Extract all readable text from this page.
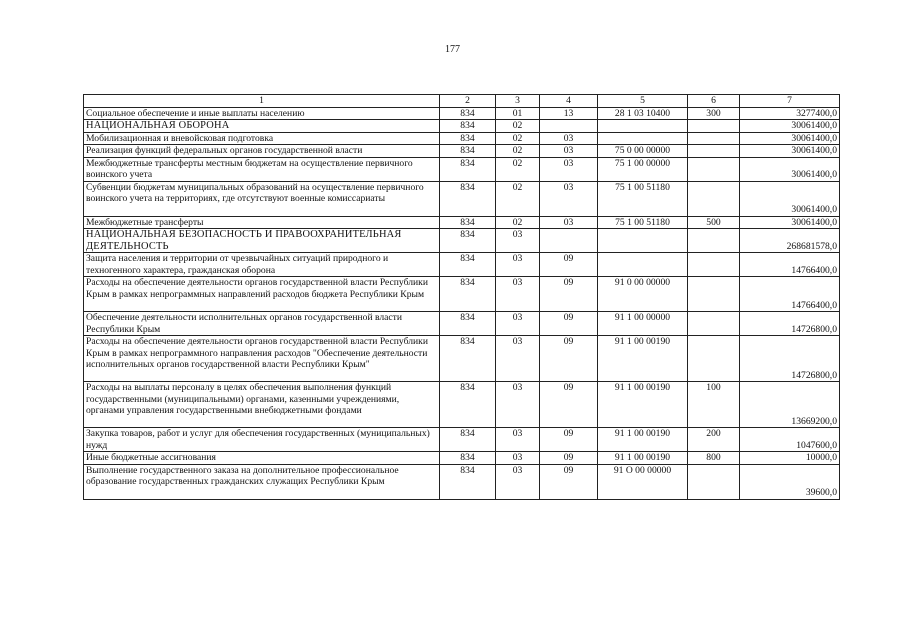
177
1	2	3	4	5	6	7
Социальное обеспечение и иные выплаты населению	834	01	13	28 1 03 10400	300	3277400,0
НАЦИОНАЛЬНАЯ ОБОРОНА	834	02				30061400,0
Мобилизационная и вневойсковая подготовка	834	02	03			30061400,0
Реализация функций федеральных органов государственной власти	834	02	03	75 0 00 00000		30061400,0
Межбюджетные трансферты местным бюджетам на осуществление первичного воинского учета	834	02	03	75 1 00 00000		30061400,0
Субвенции бюджетам муниципальных образований на осуществление первичного воинского учета на территориях, где отсутствуют военные комиссариаты	834	02	03	75 1 00 51180		30061400,0
Межбюджетные трансферты	834	02	03	75 1 00 51180	500	30061400,0
НАЦИОНАЛЬНАЯ БЕЗОПАСНОСТЬ И ПРАВООХРАНИТЕЛЬНАЯ ДЕЯТЕЛЬНОСТЬ	834	03				268681578,0
Защита населения и территории от чрезвычайных ситуаций природного и техногенного характера, гражданская оборона	834	03	09			14766400,0
Расходы на обеспечение деятельности органов государственной власти Республики Крым в рамках непрограммных направлений расходов бюджета Республики Крым	834	03	09	91 0 00 00000		14766400,0
Обеспечение деятельности исполнительных органов государственной власти Республики Крым	834	03	09	91 1 00 00000		14726800,0
Расходы на обеспечение деятельности органов государственной власти Республики Крым в рамках непрограммного направления расходов "Обеспечение деятельности исполнительных органов государственной власти Республики Крым"	834	03	09	91 1 00 00190		14726800,0
Расходы на выплаты персоналу в целях обеспечения выполнения функций государственными (муниципальными) органами, казенными учреждениями, органами управления государственными внебюджетными фондами	834	03	09	91 1 00 00190	100	13669200,0
Закупка товаров, работ и услуг для обеспечения государственных (муниципальных) нужд	834	03	09	91 1 00 00190	200	1047600,0
Иные бюджетные ассигнования	834	03	09	91 1 00 00190	800	10000,0
Выполнение государственного заказа на дополнительное профессиональное образование государственных гражданских служащих Республики Крым	834	03	09	91 О 00 00000		39600,0
